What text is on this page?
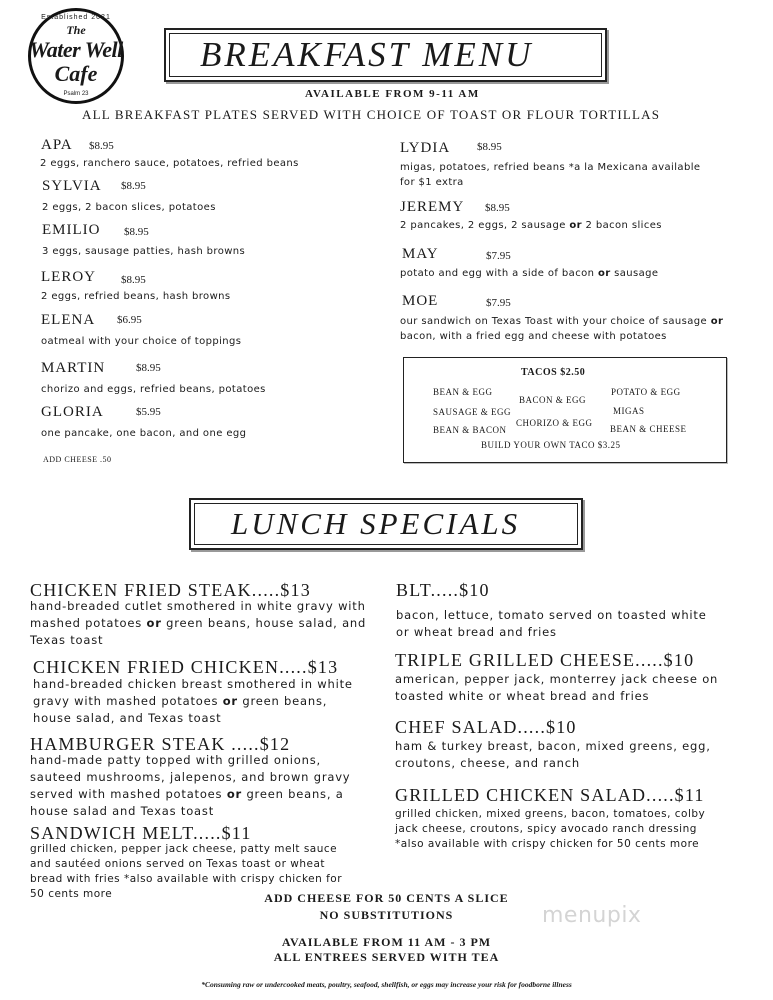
Established 2021
The
Water Well
Cafe
Psalm 23
BREAKFAST MENU
AVAILABLE FROM 9-11 AM
ALL BREAKFAST PLATES SERVED WITH CHOICE OF TOAST OR FLOUR TORTILLAS
APA $8.95
2 eggs, ranchero sauce, potatoes, refried beans
SYLVIA $8.95
2 eggs, 2 bacon slices, potatoes
EMILIO $8.95
3 eggs, sausage patties, hash browns
LEROY $8.95
2 eggs, refried beans, hash browns
ELENA $6.95
oatmeal with your choice of toppings
MARTIN	$8.95
chorizo and eggs, refried beans, potatoes
GLORIA	$5.95
one pancake, one bacon, and one egg
ADD CHEESE .50
LYDIA $8.95
migas, potatoes, refried beans *a la Mexicana available
for $1 extra
JEREMY $8.95
2 pancakes, 2 eggs, 2 sausage or 2 bacon slices
MAY	$7.95
potato and egg with a side of bacon or sausage
MOE	$7.95
our sandwich on Texas Toast with your choice of sausage or
bacon, with a fried egg and cheese with potatoes
TACOS $2.50
BEAN & EGG
BACON & EGG
POTATO & EGG
SAUSAGE & EGG	MIGAS
CHORIZO & EGG
BEAN & BACON	BEAN & CHEESE
BUILD YOUR OWN TACO $3.25
LUNCH SPECIALS
CHICKEN FRIED STEAK.....$13
hand-breaded cutlet smothered in white gravy with
mashed potatoes or green beans, house salad, and
Texas toast
CHICKEN FRIED CHICKEN.....$13
hand-breaded chicken breast smothered in white
gravy with mashed potatoes or green beans,
house salad, and Texas toast
HAMBURGER STEAK .....$12
hand-made patty topped with grilled onions,
sauteed mushrooms, jalepenos, and brown gravy
served with mashed potatoes or green beans, a
house salad and Texas toast
SANDWICH MELT.....$11
grilled chicken, pepper jack cheese, patty melt sauce
and sautéed onions served on Texas toast or wheat
bread with fries *also available with crispy chicken for
50 cents more
BLT.....$10
bacon, lettuce, tomato served on toasted white
or wheat bread and fries
TRIPLE GRILLED CHEESE.....$10
american, pepper jack, monterrey jack cheese on
toasted white or wheat bread and fries
CHEF SALAD.....$10
ham & turkey breast, bacon, mixed greens, egg,
croutons, cheese, and ranch
GRILLED CHICKEN SALAD.....$11
grilled chicken, mixed greens, bacon, tomatoes, colby
jack cheese, croutons, spicy avocado ranch dressing
*also available with crispy chicken for 50 cents more
ADD CHEESE FOR 50 CENTS A SLICE
NO SUBSTITUTIONS
AVAILABLE FROM 11 AM - 3 PM
ALL ENTREES SERVED WITH TEA
*Consuming raw or undercooked meats, poultry, seafood, shellfish, or eggs may increase your risk for foodborne illness
menupix
